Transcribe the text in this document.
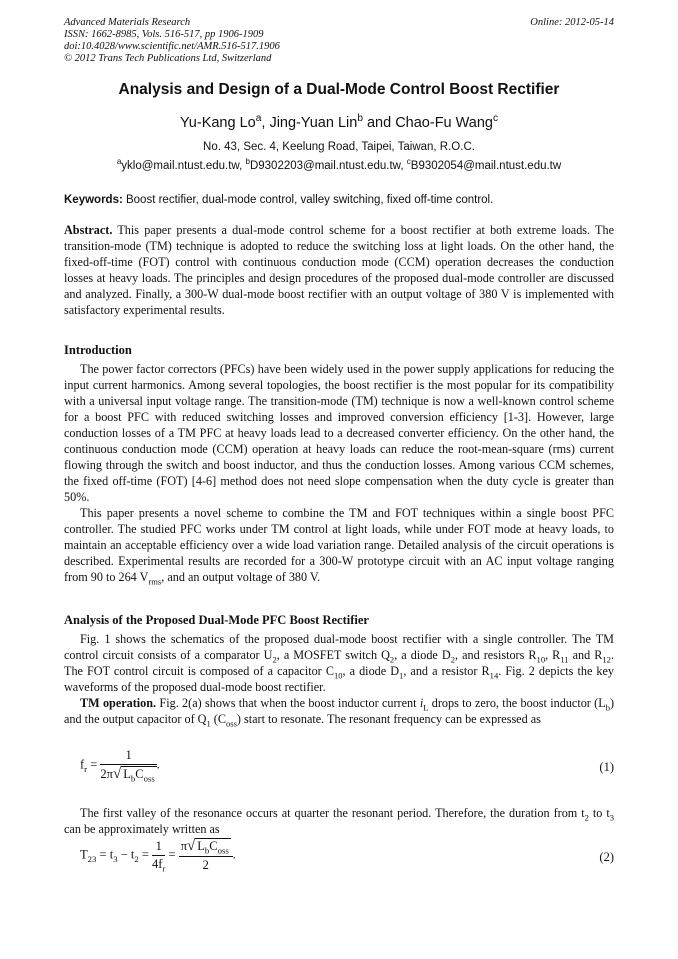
Advanced Materials Research
ISSN: 1662-8985, Vols. 516-517, pp 1906-1909
doi:10.4028/www.scientific.net/AMR.516-517.1906
© 2012 Trans Tech Publications Ltd, Switzerland
Online: 2012-05-14
Analysis and Design of a Dual-Mode Control Boost Rectifier
Yu-Kang Lo$^a$, Jing-Yuan Lin$^b$ and Chao-Fu Wang$^c$
No. 43, Sec. 4, Keelung Road, Taipei, Taiwan, R.O.C.
$^a$yklo@mail.ntust.edu.tw, $^b$D9302203@mail.ntust.edu.tw, $^c$B9302054@mail.ntust.edu.tw
Keywords: Boost rectifier, dual-mode control, valley switching, fixed off-time control.

Abstract. This paper presents a dual-mode control scheme for a boost rectifier at both extreme loads. The transition-mode (TM) technique is adopted to reduce the switching loss at light loads. On the other hand, the fixed-off-time (FOT) control with continuous conduction mode (CCM) operation decreases the conduction losses at heavy loads. The principles and design procedures of the proposed dual-mode controller are discussed and analyzed. Finally, a 300-W dual-mode boost rectifier with an output voltage of 380 V is implemented with satisfactory experimental results.

Introduction

The power factor correctors (PFCs) have been widely used in the power supply applications for reducing the input current harmonics. Among several topologies, the boost rectifier is the most popular for its compatibility with a universal input voltage range. The transition-mode (TM) technique is now a well-known control scheme for a boost PFC with reduced switching losses and improved conversion efficiency [1-3]. However, large conduction losses of a TM PFC at heavy loads lead to a decreased converter efficiency. On the other hand, the continuous conduction mode (CCM) operation at heavy loads can reduce the root-mean-square (rms) current flowing through the switch and boost inductor, and thus the conduction losses. Among various CCM schemes, the fixed off-time (FOT) [4-6] method does not need slope compensation when the duty cycle is greater than 50%.

This paper presents a novel scheme to combine the TM and FOT techniques within a single boost PFC controller. The studied PFC works under TM control at light loads, while under FOT mode at heavy loads, to maintain an acceptable efficiency over a wide load variation range. Detailed analysis of the circuit operations is described. Experimental results are recorded for a 300-W prototype circuit with an AC input voltage ranging from 90 to 264 $V_{rms}$, and an output voltage of 380 V.

Analysis of the Proposed Dual-Mode PFC Boost Rectifier

Fig. 1 shows the schematics of the proposed dual-mode boost rectifier with a single controller. The TM control circuit consists of a comparator $U_2$, a MOSFET switch $Q_2$, a diode $D_2$, and resistors $R_{10}$, $R_{11}$ and $R_{12}$. The FOT control circuit is composed of a capacitor $C_{10}$, a diode $D_1$, and a resistor $R_{14}$. Fig. 2 depicts the key waveforms of the proposed dual-mode boost rectifier.

TM operation. Fig. 2(a) shows that when the boost inductor current $i_L$ drops to zero, the boost inductor $(L_b)$ and the output capacitor of $Q_1$ $(C_{oss})$ start to resonate. The resonant frequency can be expressed as

$f_r = \frac{1}{2\pi√ L_bC_{oss}}$ .	(1)

The first valley of the resonance occurs at quarter the resonant period. Therefore, the duration from $t_2$ to $t_3$ can be approximately written as

$T_{23} = t_3 - t_2 = \frac{1}{4f_r} = \frac{\pi√ L_bC_{oss}}{2}$ .	(2)
